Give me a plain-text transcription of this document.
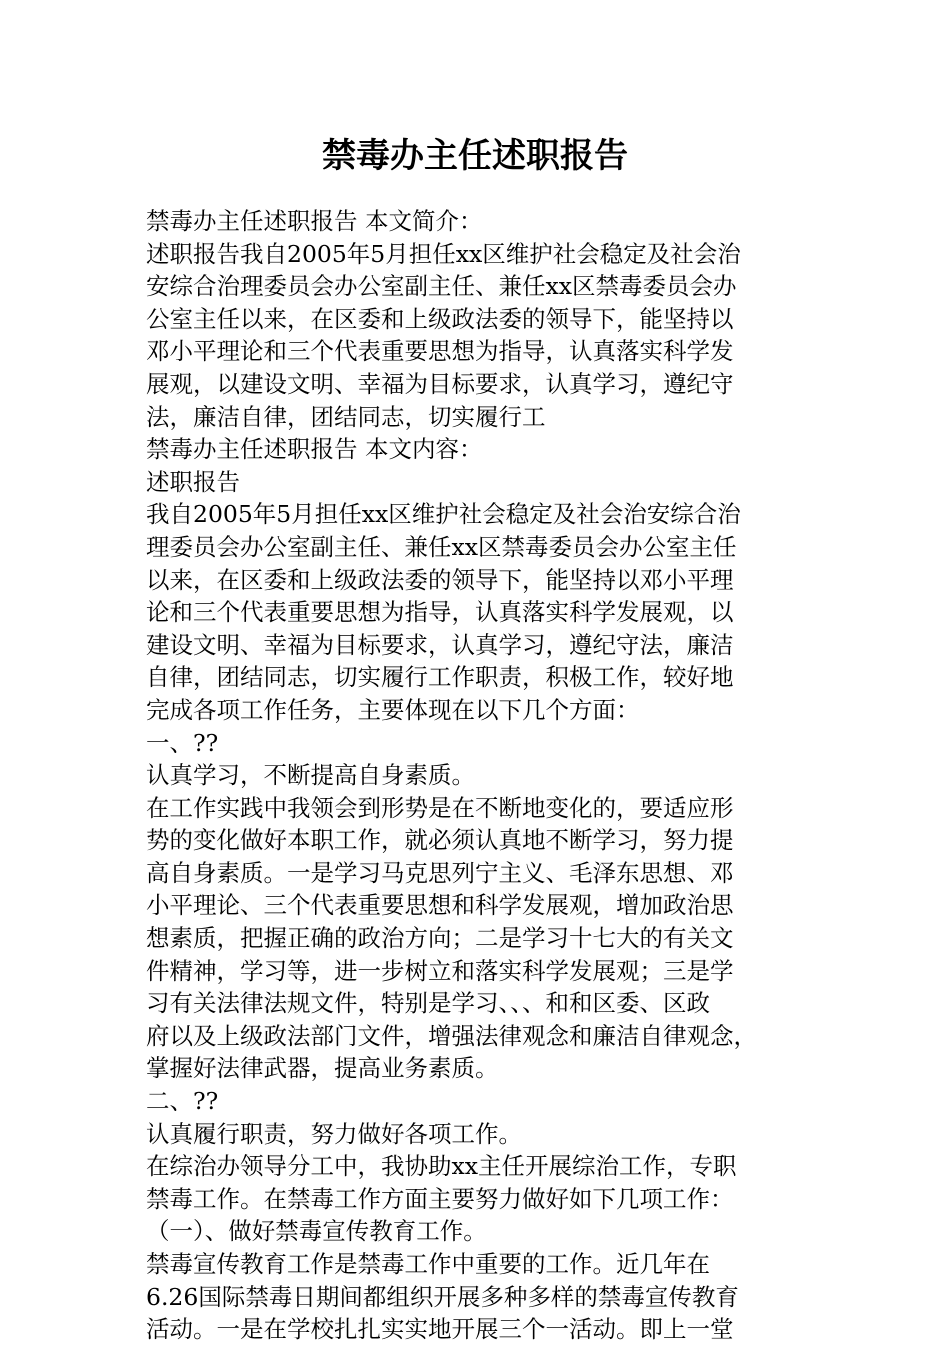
禁毒办主任述职报告
禁毒办主任述职报告 本文简介：
述职报告我自2005年5月担任xx区维护社会稳定及社会治
安综合治理委员会办公室副主任、兼任xx区禁毒委员会办
公室主任以来，在区委和上级政法委的领导下，能坚持以
邓小平理论和三个代表重要思想为指导，认真落实科学发
展观，以建设文明、幸福为目标要求，认真学习，遵纪守
法，廉洁自律，团结同志，切实履行工
禁毒办主任述职报告 本文内容：
述职报告
我自2005年5月担任xx区维护社会稳定及社会治安综合治
理委员会办公室副主任、兼任xx区禁毒委员会办公室主任
以来，在区委和上级政法委的领导下，能坚持以邓小平理
论和三个代表重要思想为指导，认真落实科学发展观，以
建设文明、幸福为目标要求，认真学习，遵纪守法，廉洁
自律，团结同志，切实履行工作职责，积极工作，较好地
完成各项工作任务，主要体现在以下几个方面：
一、??
认真学习，不断提高自身素质。
在工作实践中我领会到形势是在不断地变化的，要适应形
势的变化做好本职工作，就必须认真地不断学习，努力提
高自身素质。一是学习马克思列宁主义、毛泽东思想、邓
小平理论、三个代表重要思想和科学发展观，增加政治思
想素质，把握正确的政治方向；二是学习十七大的有关文
件精神，学习等，进一步树立和落实科学发展观；三是学
习有关法律法规文件，特别是学习、、、和和区委、区政
府以及上级政法部门文件，增强法律观念和廉洁自律观念，
掌握好法律武器，提高业务素质。
二、??
认真履行职责，努力做好各项工作。
在综治办领导分工中，我协助xx主任开展综治工作，专职
禁毒工作。在禁毒工作方面主要努力做好如下几项工作：
（一）、做好禁毒宣传教育工作。
禁毒宣传教育工作是禁毒工作中重要的工作。近几年在
6.26国际禁毒日期间都组织开展多种多样的禁毒宣传教育
活动。一是在学校扎扎实实地开展三个一活动。即上一堂
